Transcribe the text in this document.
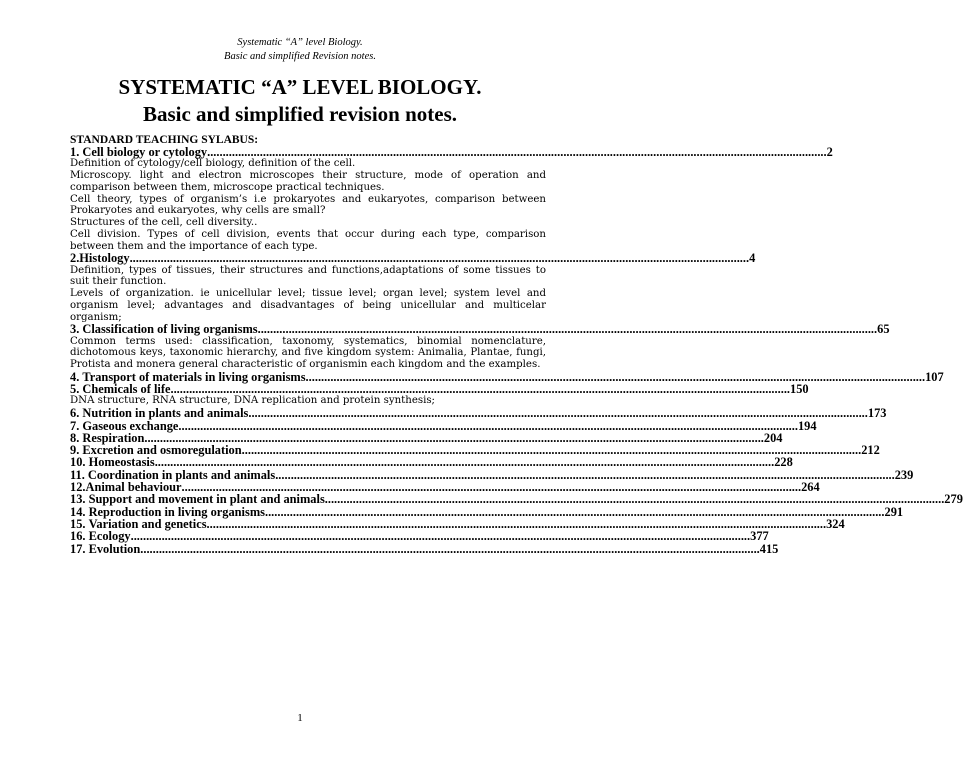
Systematic “A” level Biology.
Basic and simplified Revision notes.
SYSTEMATIC “A” LEVEL BIOLOGY.
Basic and simplified revision notes.
STANDARD TEACHING SYLABUS:
1. Cell biology or cytology ........................................................................................................................................................................................................ 2

Definition of cytology/cell biology, definition of the cell.

Microscopy. light and electron microscopes their structure, mode of operation and comparison between them, microscope practical techniques.

Cell theory, types of organism’s i.e prokaryotes and eukaryotes, comparison between Prokaryotes and eukaryotes, why cells are small?

Structures of the cell, cell diversity..

Cell division. Types of cell division, events that occur during each type, comparison between them and the importance of each type.

2. Histology ........................................................................................................................................................................................................ 4

Definition, types of tissues, their structures and functions,adaptations of some tissues to suit their function.

Levels of organization. ie unicellular level; tissue level; organ level; system level and organism level; advantages and disadvantages of being unicellular and multicelar organism;

3. Classification of living organisms ........................................................................................................................................................................................................ 65

Common terms used: classification, taxonomy, systematics, binomial nomenclature, dichotomous keys, taxonomic hierarchy, and five kingdom system: Animalia, Plantae, fungi, Protista and monera general characteristic of organismin each kingdom and the examples.

4. Transport of materials in living organisms ........................................................................................................................................................................................................ 107
5. Chemicals of life ........................................................................................................................................................................................................ 150

DNA structure, RNA structure, DNA replication and protein synthesis;

6. Nutrition in plants and animals ........................................................................................................................................................................................................ 173
7. Gaseous exchange ........................................................................................................................................................................................................ 194
8. Respiration ........................................................................................................................................................................................................ 204
9. Excretion and osmoregulation ........................................................................................................................................................................................................ 212
10. Homeostasis ........................................................................................................................................................................................................ 228
11. Coordination in plants and animals ........................................................................................................................................................................................................ 239
12. Animal behaviour ........................................................................................................................................................................................................ 264
13. Support and movement in plant and animals ........................................................................................................................................................................................................ 279
14. Reproduction in living organisms ........................................................................................................................................................................................................ 291
15. Variation and genetics ........................................................................................................................................................................................................ 324
16. Ecology ........................................................................................................................................................................................................ 377
17. Evolution ........................................................................................................................................................................................................ 415
1
